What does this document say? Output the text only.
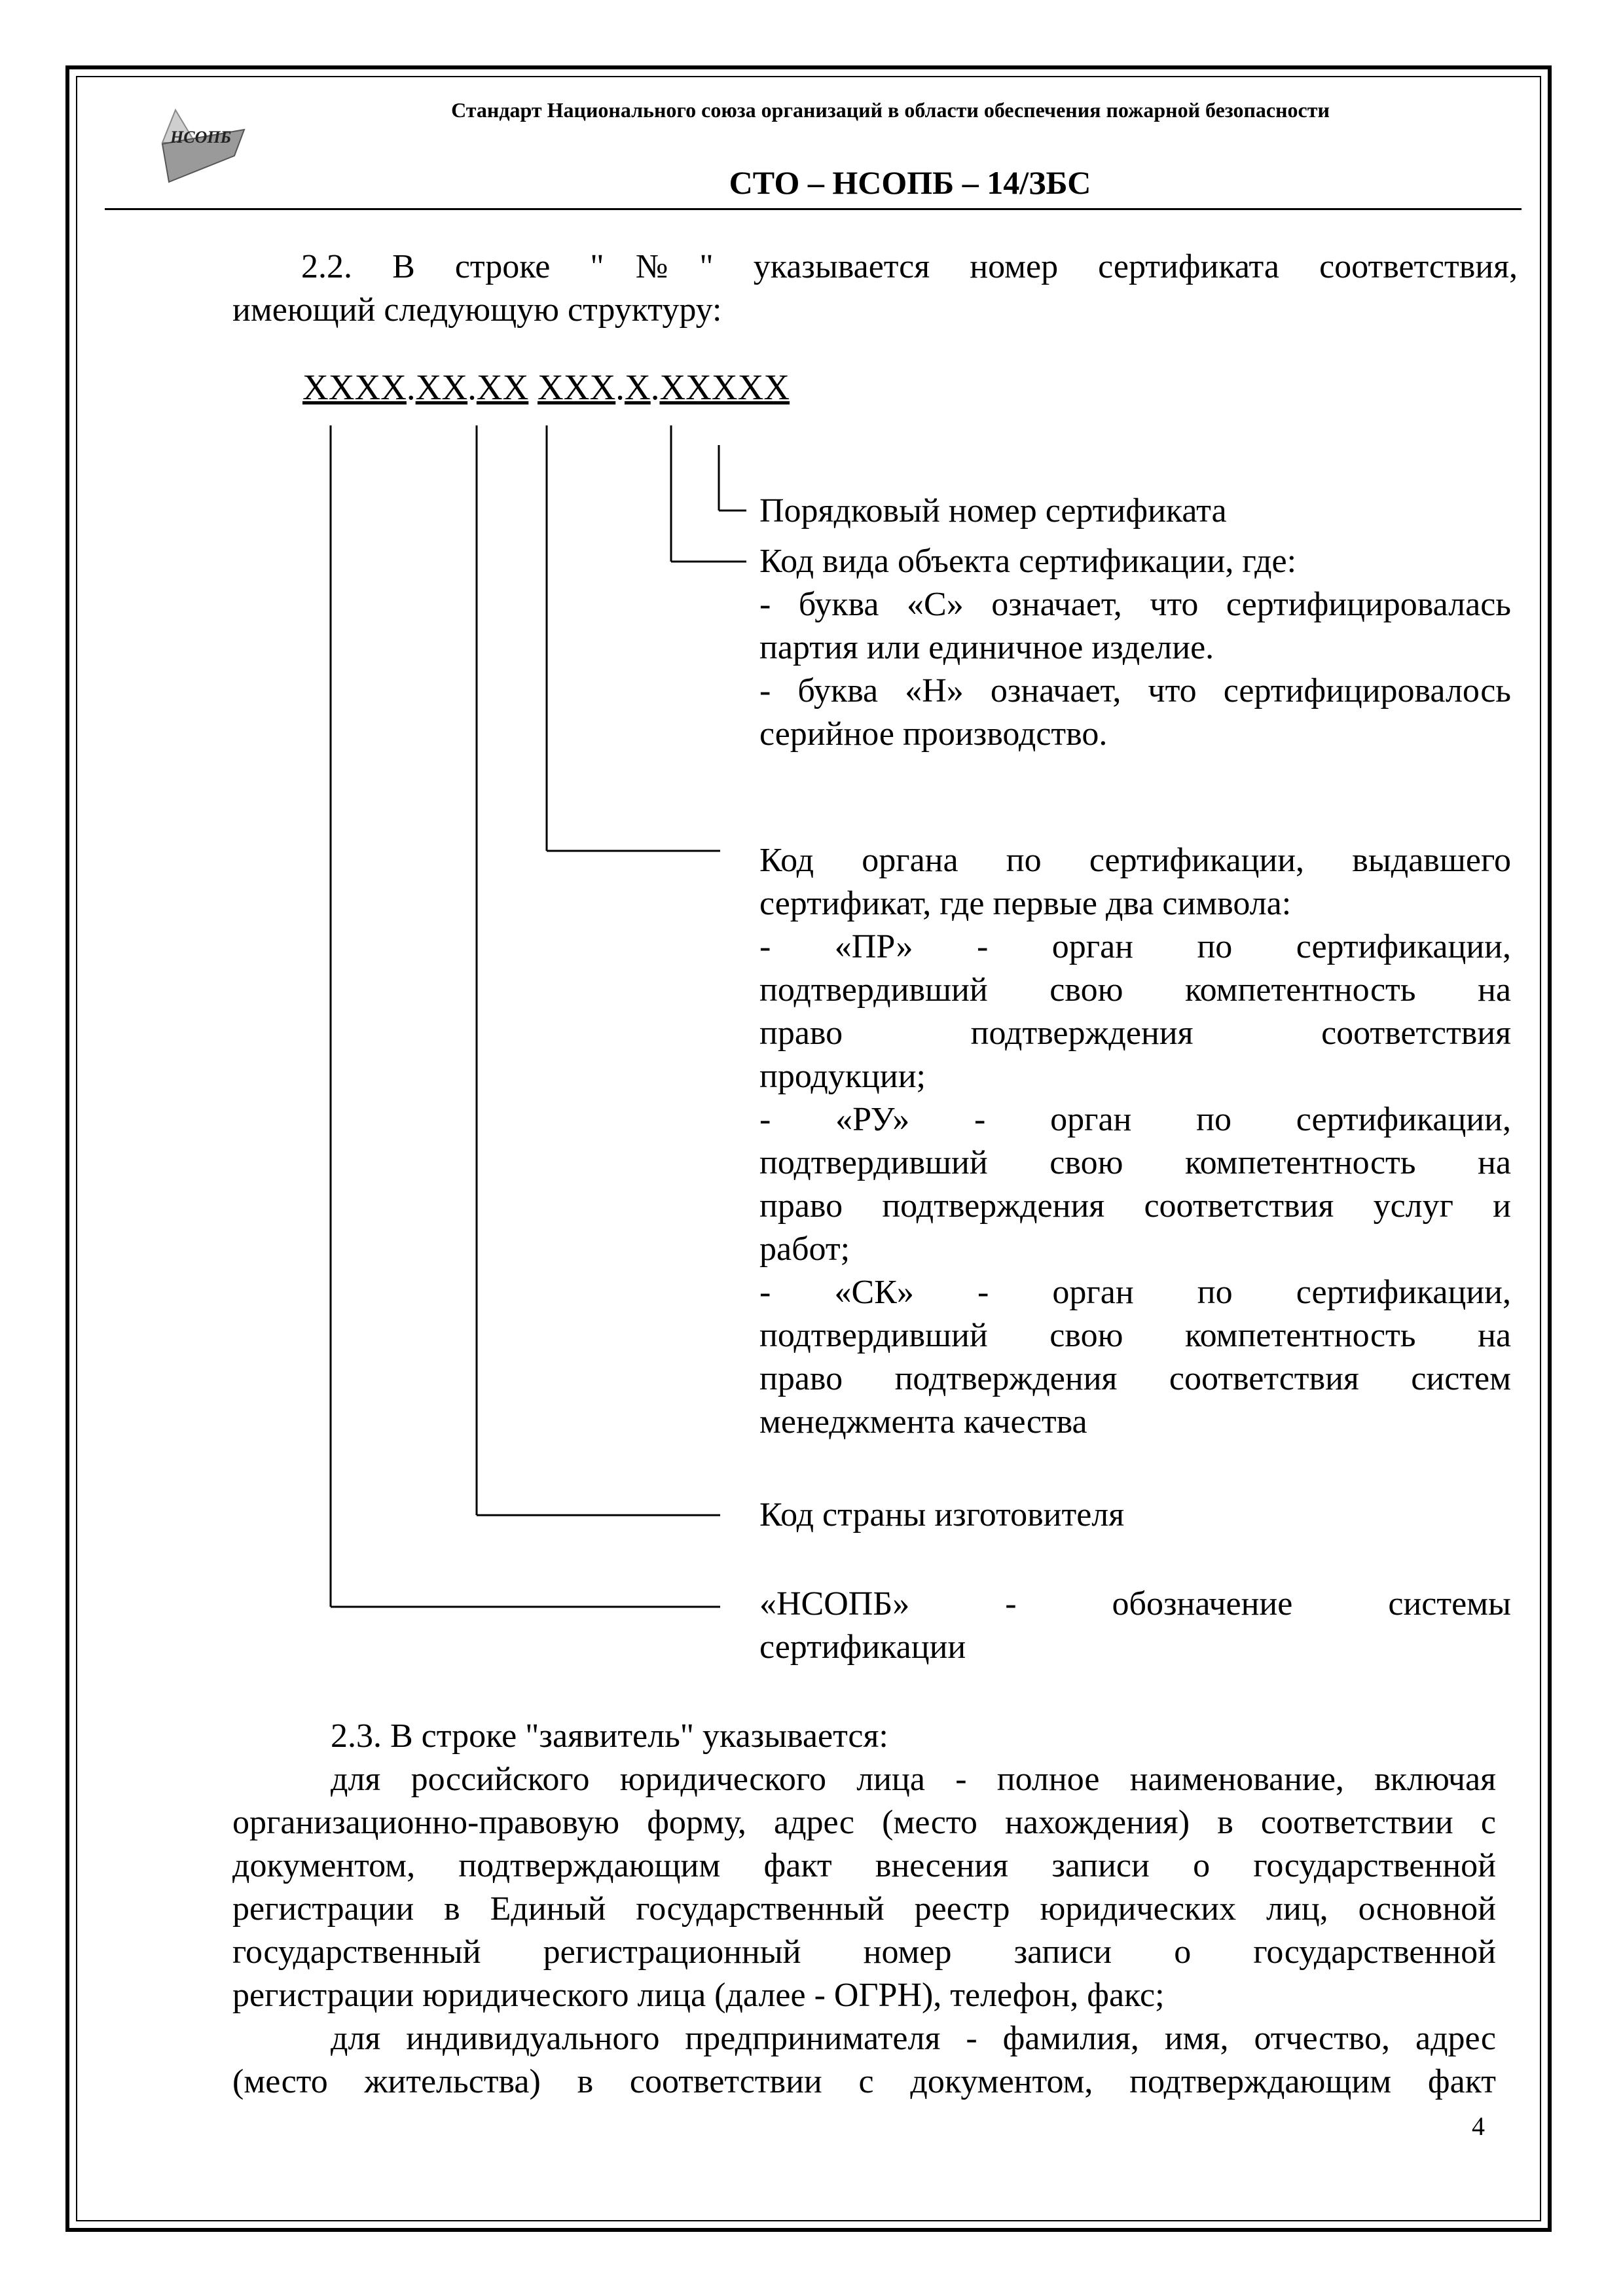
НСОПБ
Стандарт Национального союза организаций в области обеспечения пожарной безопасности
СТО – НСОПБ – 14/ЗБС
2.2. В строке "№" указывается номер сертификата соответствия,
имеющий следующую структуру:
ХХХХ.ХХ.ХХ ХХХ.Х.ХХХХХ
Порядковый номер сертификата
Код вида объекта сертификации, где:
- буква «С» означает, что сертифицировалась
партия или единичное изделие.
- буква «Н» означает, что сертифицировалось
серийное производство.
Код органа по сертификации, выдавшего
сертификат, где первые два символа:
- «ПР» - орган по сертификации,
подтвердивший свою компетентность на
право подтверждения соответствия
продукции;
- «РУ» - орган по сертификации,
подтвердивший свою компетентность на
право подтверждения соответствия услуг и
работ;
- «СК» - орган по сертификации,
подтвердивший свою компетентность на
право подтверждения соответствия систем
менеджмента качества
Код страны изготовителя
«НСОПБ» - обозначение системы
сертификации
2.3. В строке "заявитель" указывается:
для российского юридического лица - полное наименование, включая
организационно-правовую форму, адрес (место нахождения) в соответствии с
документом, подтверждающим факт внесения записи о государственной
регистрации в Единый государственный реестр юридических лиц, основной
государственный регистрационный номер записи о государственной
регистрации юридического лица (далее - ОГРН), телефон, факс;
для индивидуального предпринимателя - фамилия, имя, отчество, адрес
(место жительства) в соответствии с документом, подтверждающим факт
4
